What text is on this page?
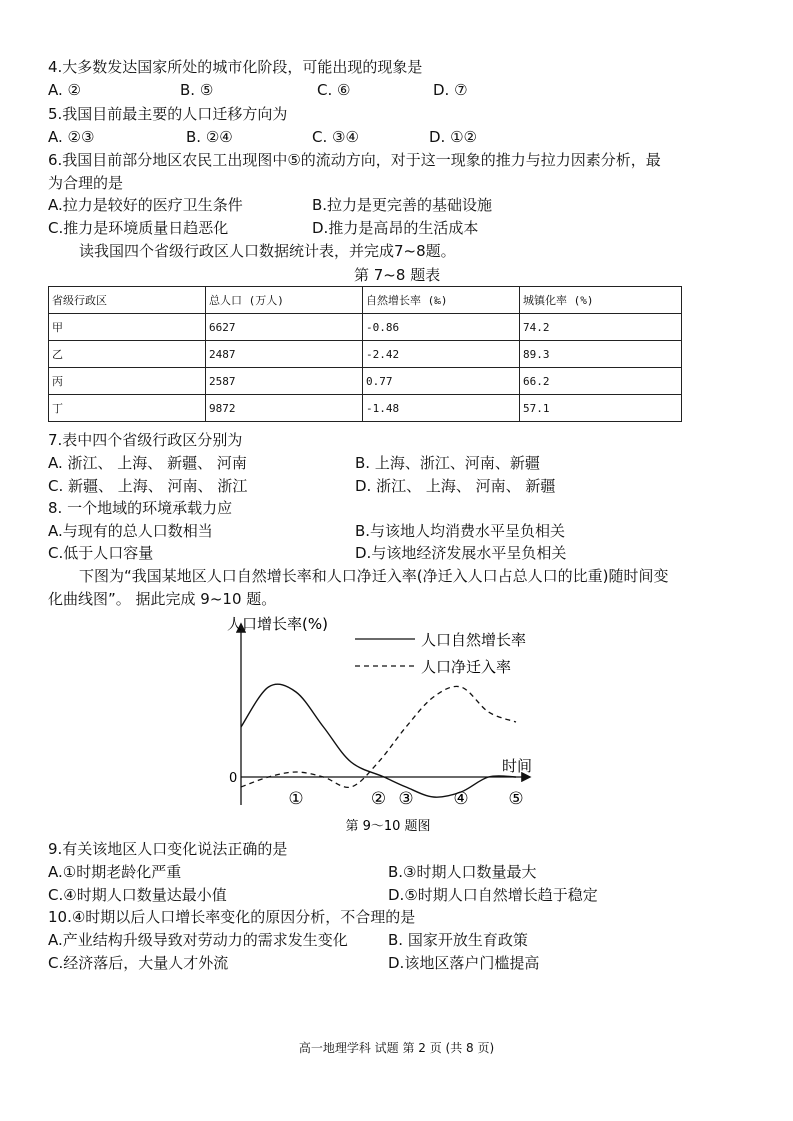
4.大多数发达国家所处的城市化阶段，可能出现的现象是
A. ②	B. ⑤	C. ⑥	D. ⑦
5.我国目前最主要的人口迁移方向为
A. ②③	B. ②④	C. ③④	D. ①②
6.我国目前部分地区农民工出现图中⑤的流动方向，对于这一现象的推力与拉力因素分析，最
为合理的是
A.拉力是较好的医疗卫生条件	B.拉力是更完善的基础设施
C.推力是环境质量日趋恶化	D.推力是高昂的生活成本
读我国四个省级行政区人口数据统计表，并完成7~8题。
第 7~8 题表
省级行政区	总人口 (万人)	自然增长率 (‰)	城镇化率 (%)
甲	6627	-0.86	74.2
乙	2487	-2.42	89.3
丙	2587	0.77	66.2
丁	9872	-1.48	57.1
7.表中四个省级行政区分别为
A. 浙江、 上海、 新疆、 河南	B. 上海、浙江、河南、新疆
C. 新疆、 上海、 河南、 浙江	D. 浙江、 上海、 河南、 新疆
8. 一个地域的环境承载力应
A.与现有的总人口数相当	B.与该地人均消费水平呈负相关
C.低于人口容量	D.与该地经济发展水平呈负相关
下图为“我国某地区人口自然增长率和人口净迁入率(净迁入人口占总人口的比重)随时间变
化曲线图”。 据此完成 9~10 题。
人口增长率(%)
时间
0
人口自然增长率
人口净迁入率
①	② ③ ④ ⑤
第 9～10 题图
9.有关该地区人口变化说法正确的是
A.①时期老龄化严重	B.③时期人口数量最大
C.④时期人口数量达最小值	D.⑤时期人口自然增长趋于稳定
10.④时期以后人口增长率变化的原因分析，不合理的是
A.产业结构升级导致对劳动力的需求发生变化	B. 国家开放生育政策
C.经济落后，大量人才外流	D.该地区落户门槛提高
高一地理学科 试题 第 2 页 (共 8 页)
